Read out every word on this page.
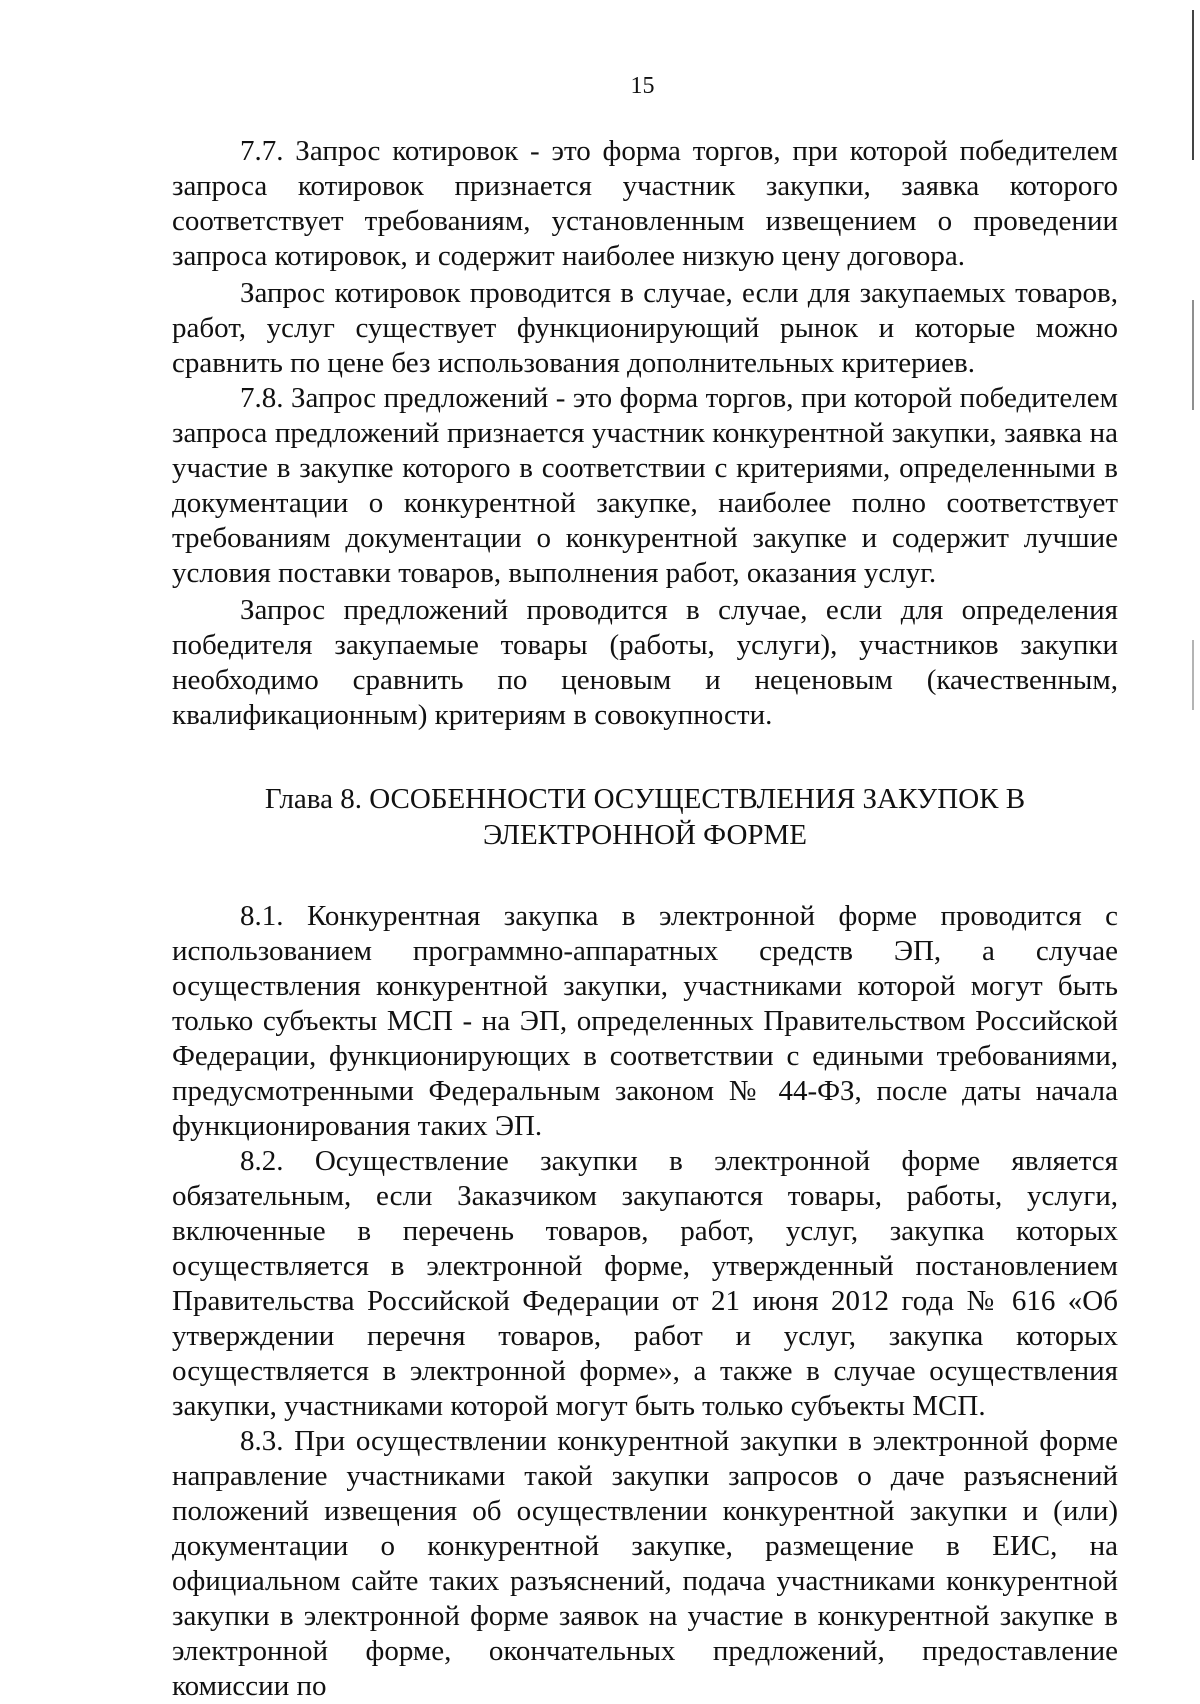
15

7.7. Запрос котировок - это форма торгов, при которой победителем запроса котировок признается участник закупки, заявка которого соответствует требованиям, установленным извещением о проведении запроса котировок, и содержит наиболее низкую цену договора.

Запрос котировок проводится в случае, если для закупаемых товаров, работ, услуг существует функционирующий рынок и которые можно сравнить по цене без использования дополнительных критериев.

7.8. Запрос предложений - это форма торгов, при которой победителем запроса предложений признается участник конкурентной закупки, заявка на участие в закупке которого в соответствии с критериями, определенными в документации о конкурентной закупке, наиболее полно соответствует требованиям документации о конкурентной закупке и содержит лучшие условия поставки товаров, выполнения работ, оказания услуг.

Запрос предложений проводится в случае, если для определения победителя закупаемые товары (работы, услуги), участников закупки необходимо сравнить по ценовым и неценовым (качественным, квалификационным) критериям в совокупности.

Глава 8. ОСОБЕННОСТИ ОСУЩЕСТВЛЕНИЯ ЗАКУПОК В
ЭЛЕКТРОННОЙ ФОРМЕ

8.1. Конкурентная закупка в электронной форме проводится с использованием программно-аппаратных средств ЭП, а случае осуществления конкурентной закупки, участниками которой могут быть только субъекты МСП - на ЭП, определенных Правительством Российской Федерации, функционирующих в соответствии с едиными требованиями, предусмотренными Федеральным законом № 44-ФЗ, после даты начала функционирования таких ЭП.

8.2. Осуществление закупки в электронной форме является обязательным, если Заказчиком закупаются товары, работы, услуги, включенные в перечень товаров, работ, услуг, закупка которых осуществляется в электронной форме, утвержденный постановлением Правительства Российской Федерации от 21 июня 2012 года № 616 «Об утверждении перечня товаров, работ и услуг, закупка которых осуществляется в электронной форме», а также в случае осуществления закупки, участниками которой могут быть только субъекты МСП.

8.3. При осуществлении конкурентной закупки в электронной форме направление участниками такой закупки запросов о даче разъяснений положений извещения об осуществлении конкурентной закупки и (или) документации о конкурентной закупке, размещение в ЕИС, на официальном сайте таких разъяснений, подача участниками конкурентной закупки в электронной форме заявок на участие в конкурентной закупке в электронной форме, окончательных предложений, предоставление комиссии по
